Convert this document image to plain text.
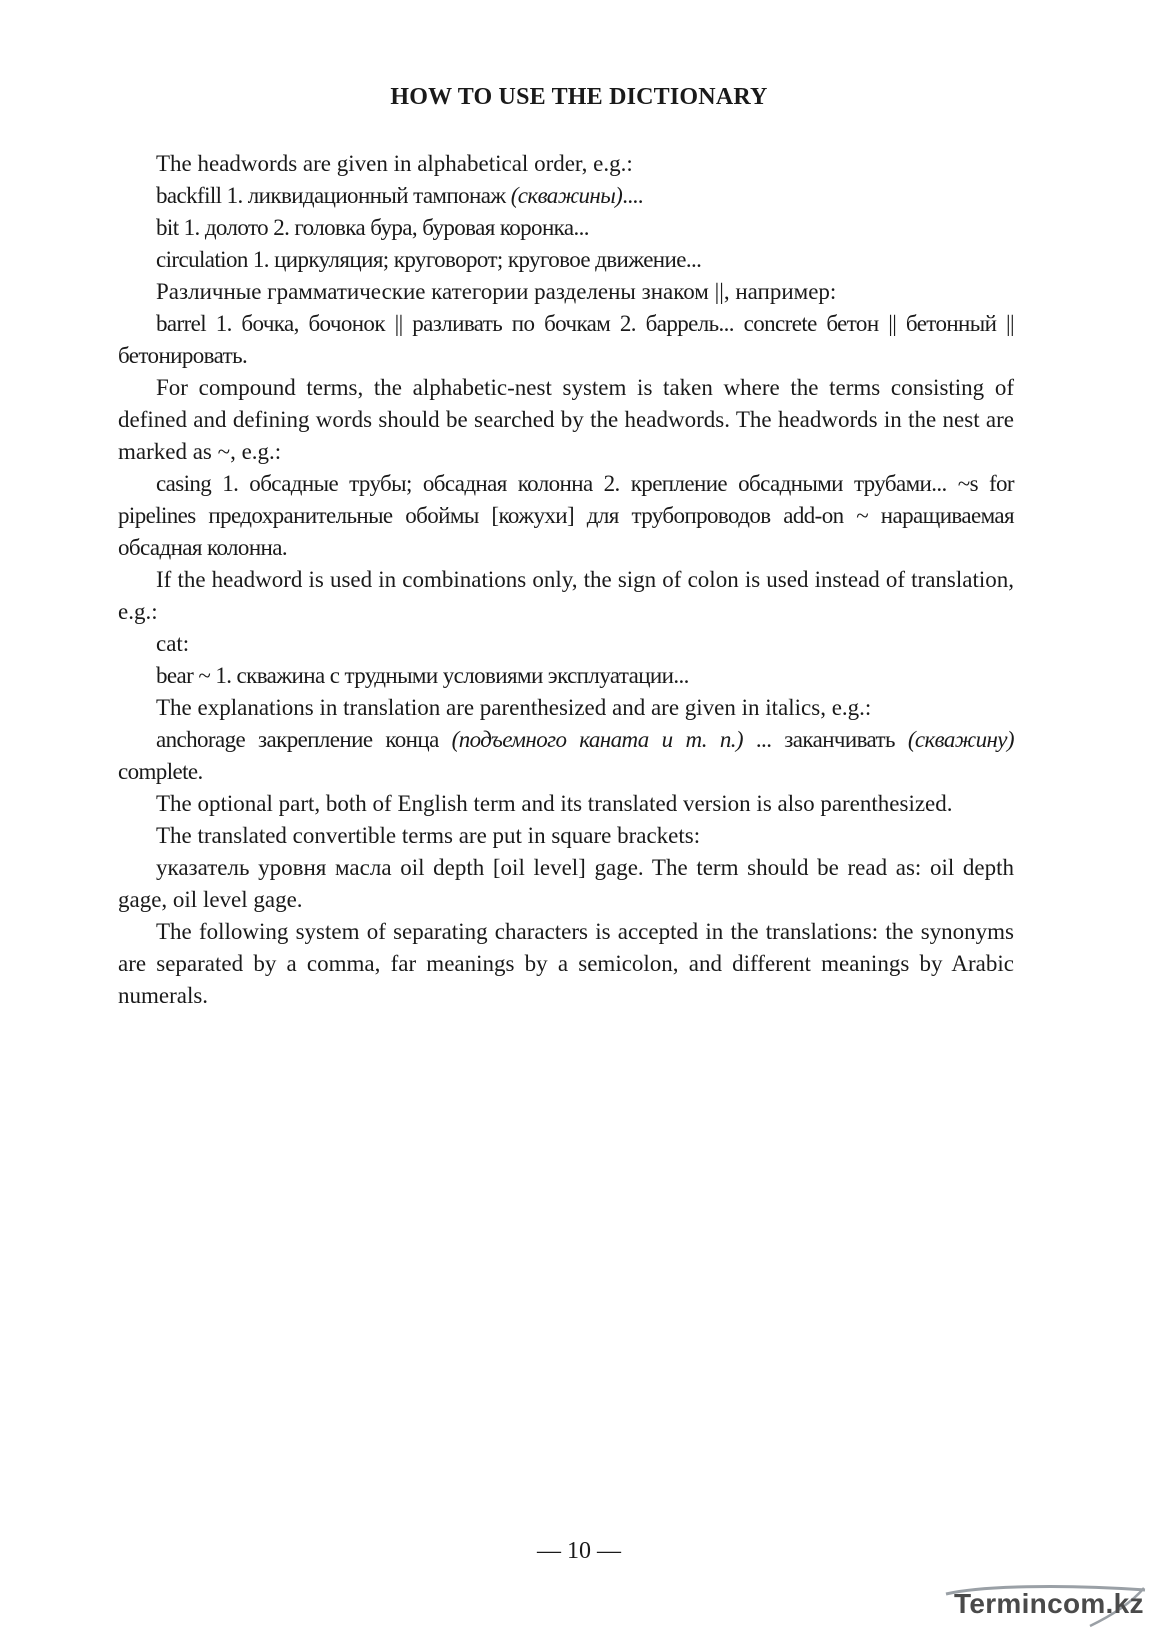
HOW TO USE THE DICTIONARY

The headwords are given in alphabetical order, e.g.:

backfill 1. ликвидационный тампонаж (скважины)....

bit 1. долото 2. головка бура, буровая коронка...

circulation 1. циркуляция; круговорот; круговое движение...

Различные грамматические категории разделены знаком ||, например:

barrel 1. бочка, бочонок || разливать по бочкам 2. баррель... concrete бетон || бетонный || бетонировать.

For compound terms, the alphabetic-nest system is taken where the terms consisting of defined and defining words should be searched by the headwords. The headwords in the nest are marked as ~, e.g.:

casing 1. обсадные трубы; обсадная колонна 2. крепление обсадными трубами... ~s for pipelines предохранительные обоймы [кожухи] для трубопроводов add-on ~ наращиваемая обсадная колонна.

If the headword is used in combinations only, the sign of colon is used instead of translation, e.g.:

cat:

bear ~ 1. скважина с трудными условиями эксплуатации...

The explanations in translation are parenthesized and are given in italics, e.g.:

anchorage закрепление конца (подъемного каната и т. п.) ... заканчивать (скважину) complete.

The optional part, both of English term and its translated version is also parenthesized.

The translated convertible terms are put in square brackets:

указатель уровня масла oil depth [oil level] gage. The term should be read as: oil depth gage, oil level gage.

The following system of separating characters is accepted in the translations: the synonyms are separated by a comma, far meanings by a semicolon, and different meanings by Arabic numerals.

— 10 —
Termincom.kz
